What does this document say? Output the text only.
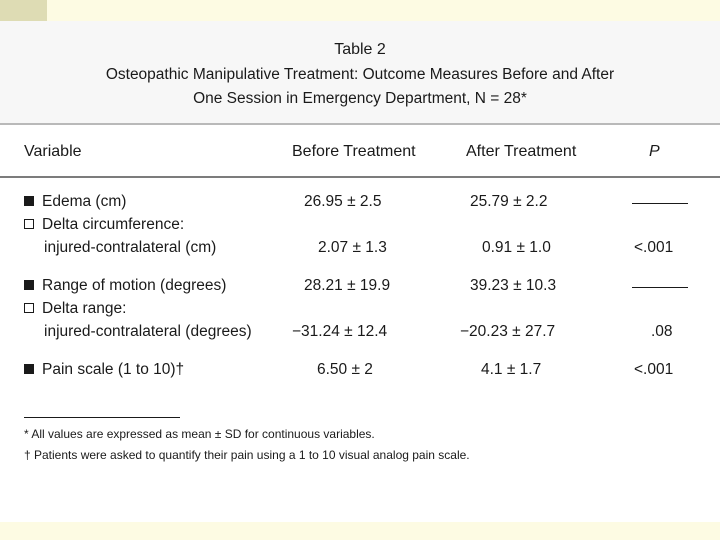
Table 2
Osteopathic Manipulative Treatment: Outcome Measures Before and After
One Session in Emergency Department, N = 28*
Variable	Before Treatment	After Treatment	P
Edema (cm)	26.95 ± 2.5	25.79 ± 2.2
Delta circumference:
injured-contralateral (cm)	2.07 ± 1.3	0.91 ± 1.0	<.001
Range of motion (degrees)	28.21 ± 19.9	39.23 ± 10.3
Delta range:
injured-contralateral (degrees)	−31.24 ± 12.4	−20.23 ± 27.7	.08
Pain scale (1 to 10)†	6.50 ± 2	4.1 ± 1.7	<.001
* All values are expressed as mean ± SD for continuous variables.
† Patients were asked to quantify their pain using a 1 to 10 visual analog pain scale.
